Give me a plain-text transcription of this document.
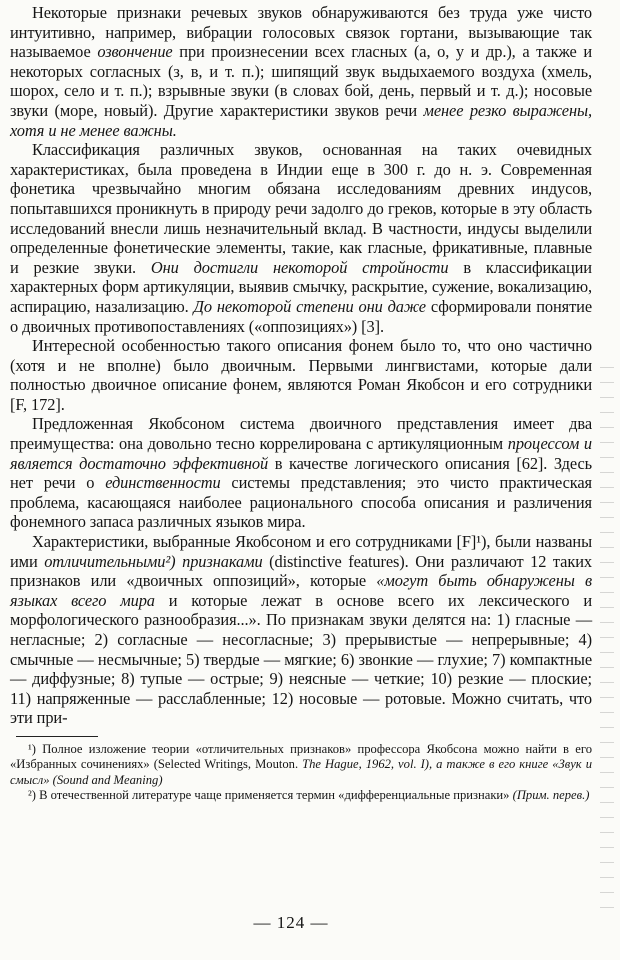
Некоторые признаки речевых звуков обнаруживаются без труда уже чисто интуитивно, например, вибрации голосовых связок гортани, вызывающие так называемое озвончение при произнесении всех гласных (а, о, у и др.), а также и некоторых согласных (з, в, и т. п.); шипящий звук выдыхаемого воздуха (хмель, шорох, село и т. п.); взрывные звуки (в словах бой, день, первый и т. д.); носовые звуки (море, новый). Другие характеристики звуков речи менее резко выражены, хотя и не менее важны.

Классификация различных звуков, основанная на таких очевидных характеристиках, была проведена в Индии еще в 300 г. до н. э. Современная фонетика чрезвычайно многим обязана исследованиям древних индусов, попытавшихся проникнуть в природу речи задолго до греков, которые в эту область исследований внесли лишь незначительный вклад. В частности, индусы выделили определенные фонетические элементы, такие, как гласные, фрикативные, плавные и резкие звуки. Они достигли некоторой стройности в классификации характерных форм артикуляции, выявив смычку, раскрытие, сужение, вокализацию, аспирацию, назализацию. До некоторой степени они даже сформировали понятие о двоичных противопоставлениях («оппозициях») [3].

Интересной особенностью такого описания фонем было то, что оно частично (хотя и не вполне) было двоичным. Первыми лингвистами, которые дали полностью двоичное описание фонем, являются Роман Якобсон и его сотрудники [F, 172].

Предложенная Якобсоном система двоичного представления имеет два преимущества: она довольно тесно коррелирована с артикуляционным процессом и является достаточно эффективной в качестве логического описания [62]. Здесь нет речи о единственности системы представления; это чисто практическая проблема, касающаяся наиболее рационального способа описания и различения фонемного запаса различных языков мира.

Характеристики, выбранные Якобсоном и его сотрудниками [F]¹), были названы ими отличительными²) признаками (distinctive features). Они различают 12 таких признаков или «двоичных оппозиций», которые «могут быть обнаружены в языках всего мира и которые лежат в основе всего их лексического и морфологического разнообразия...». По признакам звуки делятся на: 1) гласные — негласные; 2) согласные — несогласные; 3) прерывистые — непрерывные; 4) смычные — несмычные; 5) твердые — мягкие; 6) звонкие — глухие; 7) компактные — диффузные; 8) тупые — острые; 9) неясные — четкие; 10) резкие — плоские; 11) напряженные — расслабленные; 12) носовые — ротовые. Можно считать, что эти при-

¹) Полное изложение теории «отличительных признаков» профессора Якобсона можно найти в его «Избранных сочинениях» (Selected Writings, Mouton. The Hague, 1962, vol. I), а также в его книге «Звук и смысл» (Sound and Meaning)

²) В отечественной литературе чаще применяется термин «дифференциальные признаки» (Прим. перев.)

— 124 —
